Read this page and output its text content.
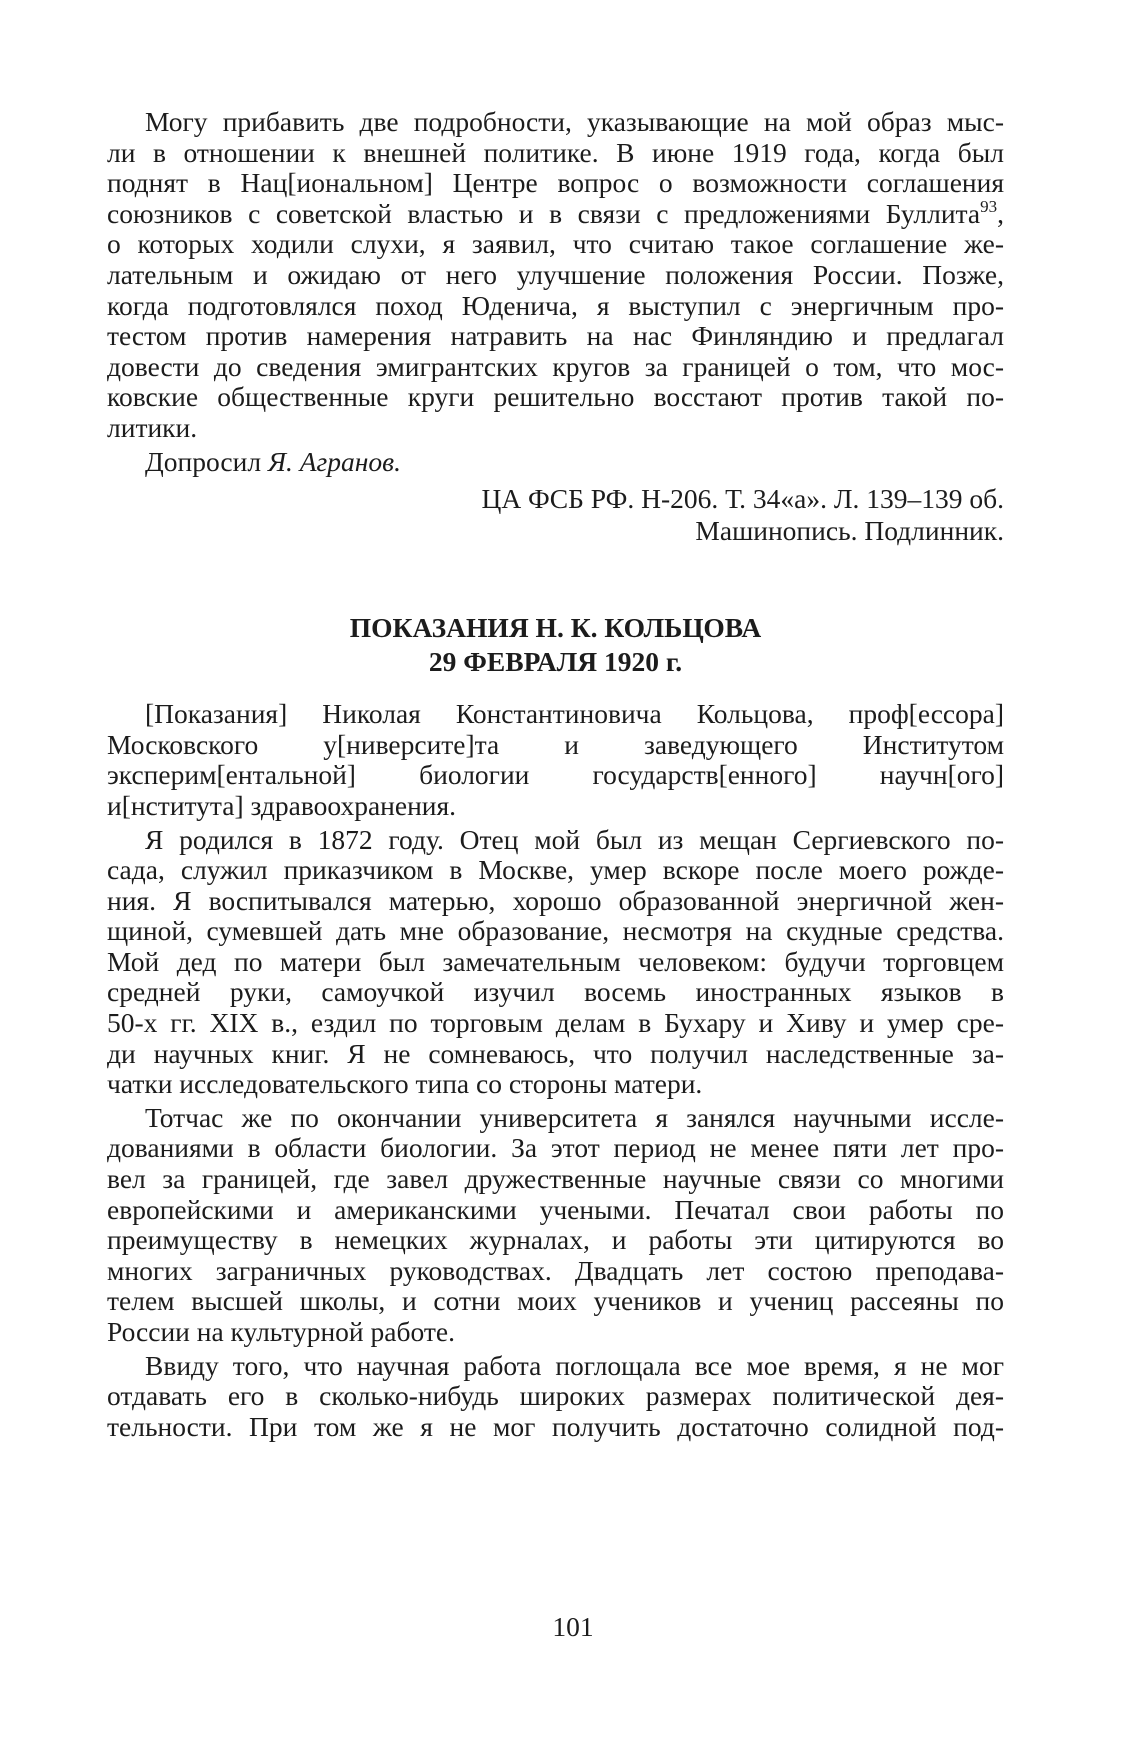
Могу прибавить две подробности, указывающие на мой образ мыс-
ли в отношении к внешней политике. В июне 1919 года, когда был
поднят в Нац[иональном] Центре вопрос о возможности соглашения
союзников с советской властью и в связи с предложениями Буллита$^{93}$,
о которых ходили слухи, я заявил, что считаю такое соглашение же-
лательным и ожидаю от него улучшение положения России. Позже,
когда подготовлялся поход Юденича, я выступил с энергичным про-
тестом против намерения натравить на нас Финляндию и предлагал
довести до сведения эмигрантских кругов за границей о том, что мос-
ковские общественные круги решительно восстают против такой по-
литики.
Допросил Я. Агранов.
ЦА ФСБ РФ. Н-206. Т. 34«а». Л. 139–139 об.
Машинопись. Подлинник.
ПОКАЗАНИЯ Н. К. КОЛЬЦОВА
29 ФЕВРАЛЯ 1920 г.
[Показания] Николая Константиновича Кольцова, проф[ессора]
Московского у[ниверсите]та и заведующего Институтом
эксперим[ентальной] биологии государств[енного] научн[ого]
и[нститута] здравоохранения.
Я родился в 1872 году. Отец мой был из мещан Сергиевского по-
сада, служил приказчиком в Москве, умер вскоре после моего рожде-
ния. Я воспитывался матерью, хорошо образованной энергичной жен-
щиной, сумевшей дать мне образование, несмотря на скудные средства.
Мой дед по матери был замечательным человеком: будучи торговцем
средней руки, самоучкой изучил восемь иностранных языков в
50-х гг. XIX в., ездил по торговым делам в Бухару и Хиву и умер сре-
ди научных книг. Я не сомневаюсь, что получил наследственные за-
чатки исследовательского типа со стороны матери.
Тотчас же по окончании университета я занялся научными иссле-
дованиями в области биологии. За этот период не менее пяти лет про-
вел за границей, где завел дружественные научные связи со многими
европейскими и американскими учеными. Печатал свои работы по
преимуществу в немецких журналах, и работы эти цитируются во
многих заграничных руководствах. Двадцать лет состою преподава-
телем высшей школы, и сотни моих учеников и учениц рассеяны по
России на культурной работе.
Ввиду того, что научная работа поглощала все мое время, я не мог
отдавать его в сколько-нибудь широких размерах политической дея-
тельности. При том же я не мог получить достаточно солидной под-
101
